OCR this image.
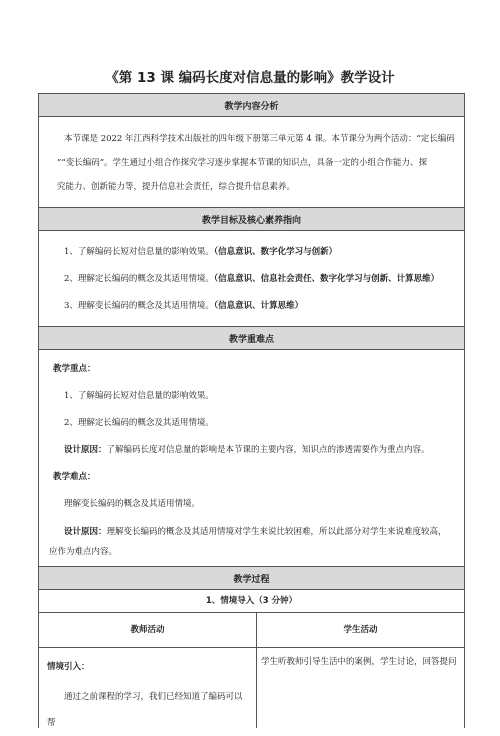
《第 13 课 编码长度对信息量的影响》教学设计
教学内容分析
本节课是 2022 年江西科学技术出版社的四年级下册第三单元第 4 课。本节课分为两个活动：“定长编码
”“变长编码”。学生通过小组合作探究学习逐步掌握本节课的知识点，具备一定的小组合作能力、探
究能力、创新能力等，提升信息社会责任，综合提升信息素养。
教学目标及核心素养指向
1、了解编码长短对信息量的影响效果。（信息意识、数字化学习与创新）
2、理解定长编码的概念及其适用情境。（信息意识、信息社会责任、数字化学习与创新、计算思维）
3、理解变长编码的概念及其适用情境。（信息意识、计算思维）
教学重难点
教学重点：
1、了解编码长短对信息量的影响效果。
2、理解定长编码的概念及其适用情境。
设计原因：了解编码长度对信息量的影响是本节课的主要内容，知识点的渗透需要作为重点内容。
教学难点：
理解变长编码的概念及其适用情境。
设计原因：理解变长编码的概念及其适用情境对学生来说比较困难，所以此部分对学生来说难度较高，
应作为难点内容。
教学过程
1、情境导入（3 分钟）
教师活动	学生活动
情境引入：
通过之前课程的学习，我们已经知道了编码可以帮
学生听教师引导生活中的案例，学生讨论，回答提问
